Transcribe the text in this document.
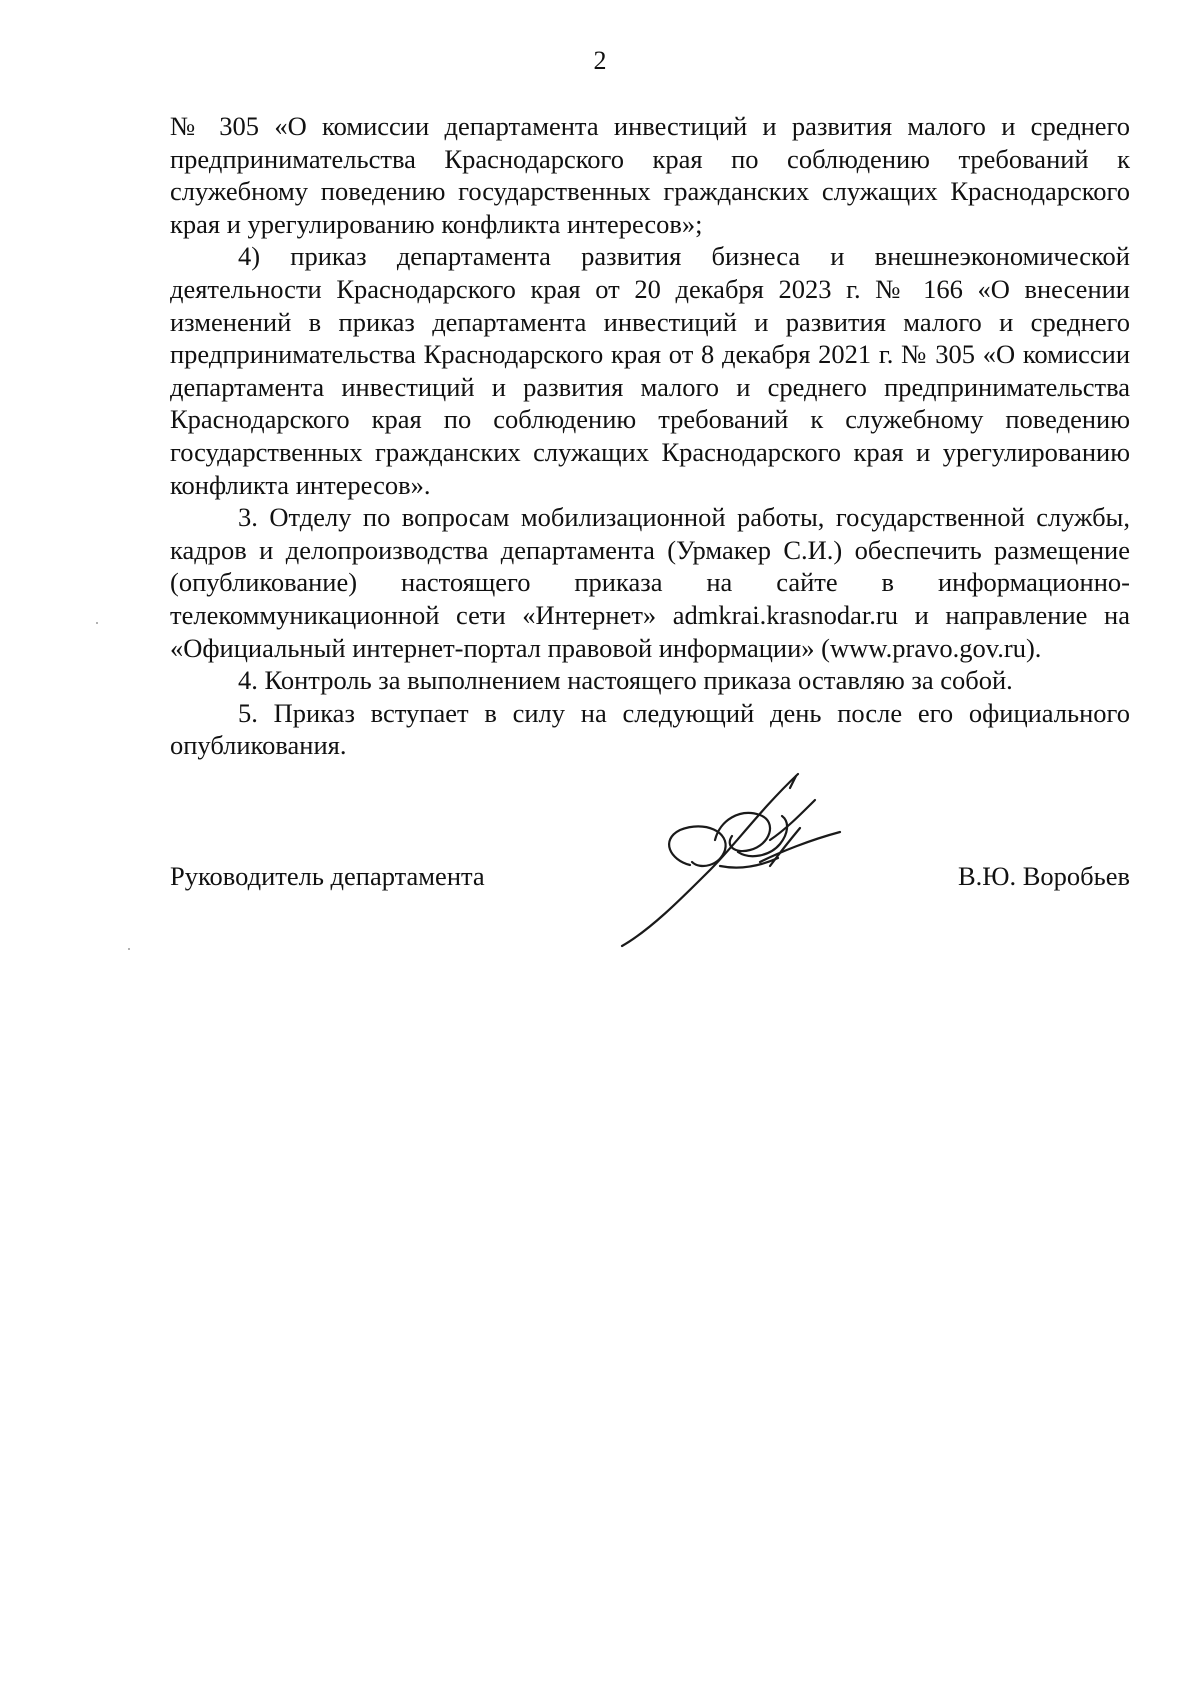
2

№ 305 «О комиссии департамента инвестиций и развития малого и среднего предпринимательства Краснодарского края по соблюдению требований к служебному поведению государственных гражданских служащих Краснодарского края и урегулированию конфликта интересов»;

4) приказ департамента развития бизнеса и внешнеэкономической деятельности Краснодарского края от 20 декабря 2023 г. № 166 «О внесении изменений в приказ департамента инвестиций и развития малого и среднего предпринимательства Краснодарского края от 8 декабря 2021 г. № 305 «О комиссии департамента инвестиций и развития малого и среднего предпринимательства Краснодарского края по соблюдению требований к служебному поведению государственных гражданских служащих Краснодарского края и урегулированию конфликта интересов».

3. Отделу по вопросам мобилизационной работы, государственной службы, кадров и делопроизводства департамента (Урмакер С.И.) обеспечить размещение (опубликование) настоящего приказа на сайте в информационно-телекоммуникационной сети «Интернет» admkrai.krasnodar.ru и направление на «Официальный интернет-портал правовой информации» (www.pravo.gov.ru).

4. Контроль за выполнением настоящего приказа оставляю за собой.

5. Приказ вступает в силу на следующий день после его официального опубликования.

Руководитель департамента	В.Ю. Воробьев
